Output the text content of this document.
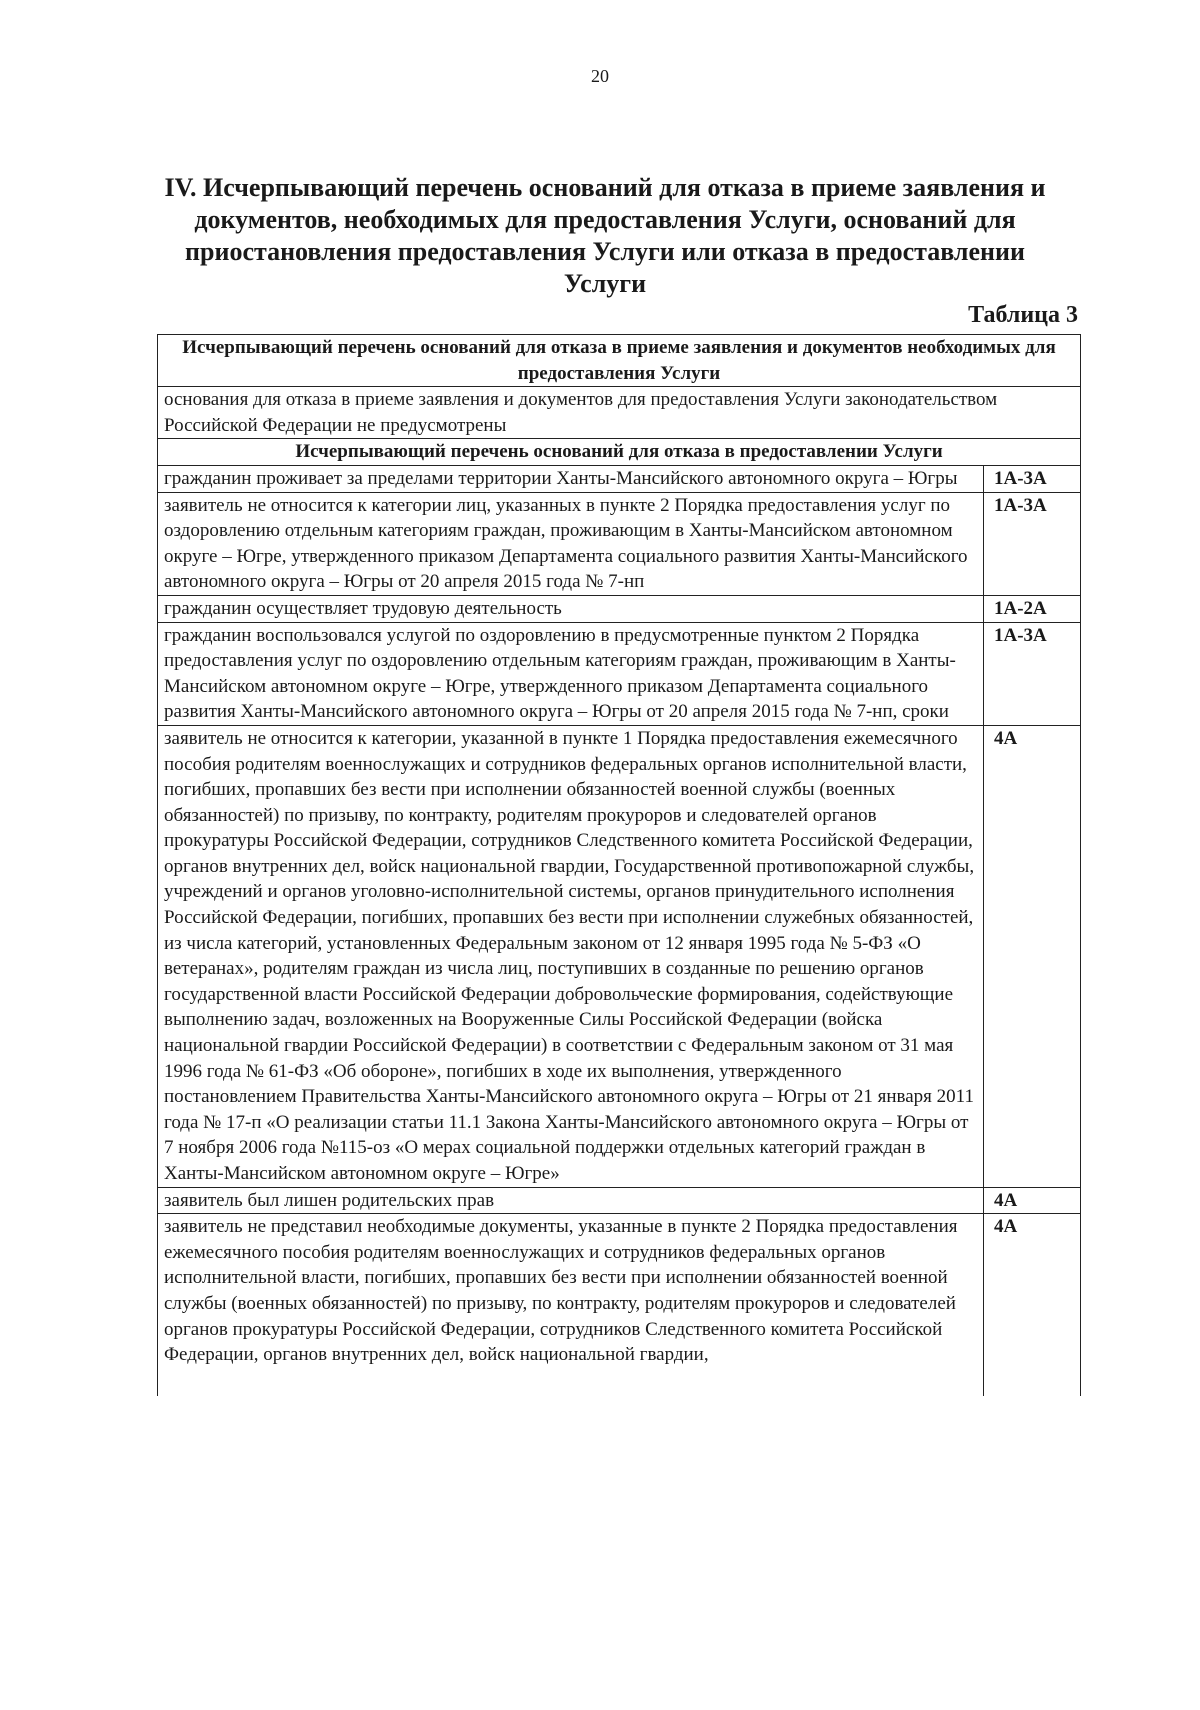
20
IV. Исчерпывающий перечень оснований для отказа в приеме заявления и документов, необходимых для предоставления Услуги, оснований для приостановления предоставления Услуги или отказа в предоставлении Услуги
Таблица 3
Исчерпывающий перечень оснований для отказа в приеме заявления и документов необходимых для предоставления Услуги	
основания для отказа в приеме заявления и документов для предоставления Услуги законодательством Российской Федерации не предусмотрены	
Исчерпывающий перечень оснований для отказа в предоставлении Услуги	
гражданин проживает за пределами территории Ханты-Мансийского автономного округа – Югры	1А-3А
заявитель не относится к категории лиц, указанных в пункте 2 Порядка предоставления услуг по оздоровлению отдельным категориям граждан, проживающим в Ханты-Мансийском автономном округе – Югре, утвержденного приказом Департамента социального развития Ханты-Мансийского автономного округа – Югры от 20 апреля 2015 года № 7-нп	1А-3А
гражданин осуществляет трудовую деятельность	1А-2А
гражданин воспользовался услугой по оздоровлению в предусмотренные пунктом 2 Порядка предоставления услуг по оздоровлению отдельным категориям граждан, проживающим в Ханты-Мансийском автономном округе – Югре, утвержденного приказом Департамента социального развития Ханты-Мансийского автономного округа – Югры от 20 апреля 2015 года № 7-нп, сроки	1А-3А
заявитель не относится к категории, указанной в пункте 1 Порядка предоставления ежемесячного пособия родителям военнослужащих и сотрудников федеральных органов исполнительной власти, погибших, пропавших без вести при исполнении обязанностей военной службы (военных обязанностей) по призыву, по контракту, родителям прокуроров и следователей органов прокуратуры Российской Федерации, сотрудников Следственного комитета Российской Федерации, органов внутренних дел, войск национальной гвардии, Государственной противопожарной службы, учреждений и органов уголовно-исполнительной системы, органов принудительного исполнения Российской Федерации, погибших, пропавших без вести при исполнении служебных обязанностей, из числа категорий, установленных Федеральным законом от 12 января 1995 года № 5-ФЗ «О ветеранах», родителям граждан из числа лиц, поступивших в созданные по решению органов государственной власти Российской Федерации добровольческие формирования, содействующие выполнению задач, возложенных на Вооруженные Силы Российской Федерации (войска национальной гвардии Российской Федерации) в соответствии с Федеральным законом от 31 мая 1996 года № 61-ФЗ «Об обороне», погибших в ходе их выполнения, утвержденного постановлением Правительства Ханты-Мансийского автономного округа – Югры от 21 января 2011 года № 17-п «О реализации статьи 11.1 Закона Ханты-Мансийского автономного округа – Югры от 7 ноября 2006 года №115-оз «О мерах социальной поддержки отдельных категорий граждан в Ханты-Мансийском автономном округе – Югре»	4А
заявитель был лишен родительских прав	4А
заявитель не представил необходимые документы, указанные в пункте 2 Порядка предоставления ежемесячного пособия родителям военнослужащих и сотрудников федеральных органов исполнительной власти, погибших, пропавших без вести при исполнении обязанностей военной службы (военных обязанностей) по призыву, по контракту, родителям прокуроров и следователей органов прокуратуры Российской Федерации, сотрудников Следственного комитета Российской Федерации, органов внутренних дел, войск национальной гвардии,	4А
